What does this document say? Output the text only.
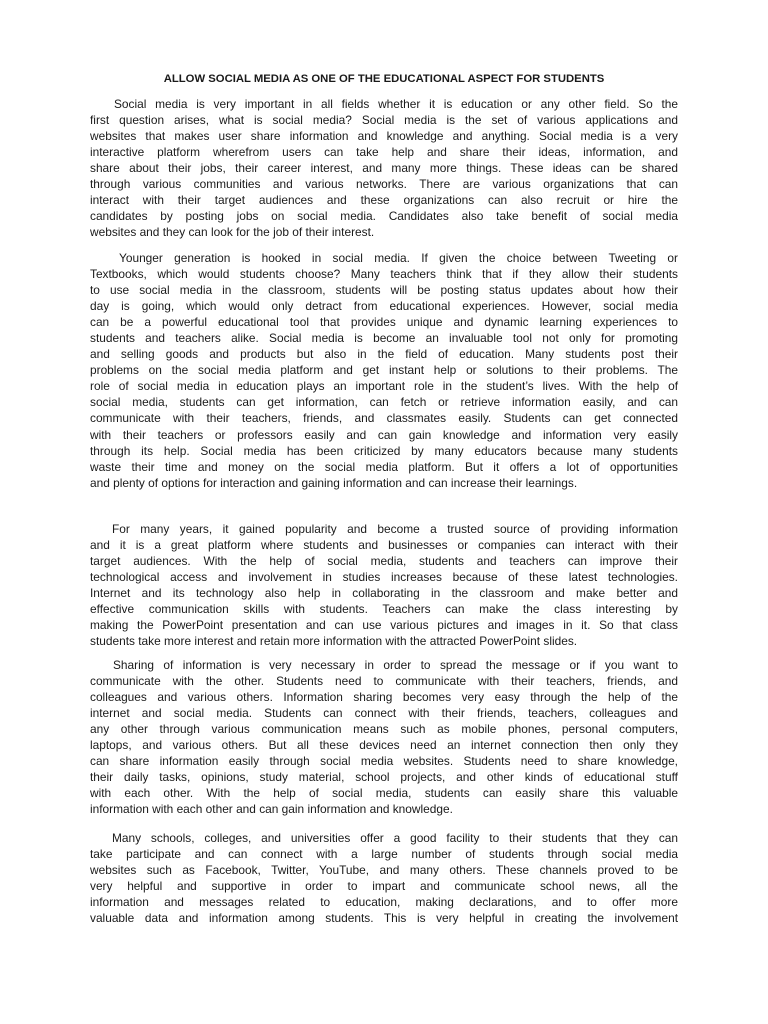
ALLOW SOCIAL MEDIA AS ONE OF THE EDUCATIONAL ASPECT FOR STUDENTS
Social media is very important in all fields whether it is education or any other field. So the
first question arises, what is social media? Social media is the set of various applications and
websites that makes user share information and knowledge and anything. Social media is a very
interactive platform wherefrom users can take help and share their ideas, information, and
share about their jobs, their career interest, and many more things. These ideas can be shared
through various communities and various networks. There are various organizations that can
interact with their target audiences and these organizations can also recruit or hire the
candidates by posting jobs on social media. Candidates also take benefit of social media
websites and they can look for the job of their interest.
Younger generation is hooked in social media. If given the choice between Tweeting or
Textbooks, which would students choose? Many teachers think that if they allow their students
to use social media in the classroom, students will be posting status updates about how their
day is going, which would only detract from educational experiences. However, social media
can be a powerful educational tool that provides unique and dynamic learning experiences to
students and teachers alike. Social media is become an invaluable tool not only for promoting
and selling goods and products but also in the field of education. Many students post their
problems on the social media platform and get instant help or solutions to their problems. The
role of social media in education plays an important role in the student’s lives. With the help of
social media, students can get information, can fetch or retrieve information easily, and can
communicate with their teachers, friends, and classmates easily. Students can get connected
with their teachers or professors easily and can gain knowledge and information very easily
through its help. Social media has been criticized by many educators because many students
waste their time and money on the social media platform. But it offers a lot of opportunities
and plenty of options for interaction and gaining information and can increase their learnings.
For many years, it gained popularity and become a trusted source of providing information
and it is a great platform where students and businesses or companies can interact with their
target audiences. With the help of social media, students and teachers can improve their
technological access and involvement in studies increases because of these latest technologies.
Internet and its technology also help in collaborating in the classroom and make better and
effective communication skills with students. Teachers can make the class interesting by
making the PowerPoint presentation and can use various pictures and images in it. So that class
students take more interest and retain more information with the attracted PowerPoint slides.
Sharing of information is very necessary in order to spread the message or if you want to
communicate with the other. Students need to communicate with their teachers, friends, and
colleagues and various others. Information sharing becomes very easy through the help of the
internet and social media. Students can connect with their friends, teachers, colleagues and
any other through various communication means such as mobile phones, personal computers,
laptops, and various others. But all these devices need an internet connection then only they
can share information easily through social media websites. Students need to share knowledge,
their daily tasks, opinions, study material, school projects, and other kinds of educational stuff
with each other. With the help of social media, students can easily share this valuable
information with each other and can gain information and knowledge.
Many schools, colleges, and universities offer a good facility to their students that they can
take participate and can connect with a large number of students through social media
websites such as Facebook, Twitter, YouTube, and many others. These channels proved to be
very helpful and supportive in order to impart and communicate school news, all the
information and messages related to education, making declarations, and to offer more
valuable data and information among students. This is very helpful in creating the involvement
